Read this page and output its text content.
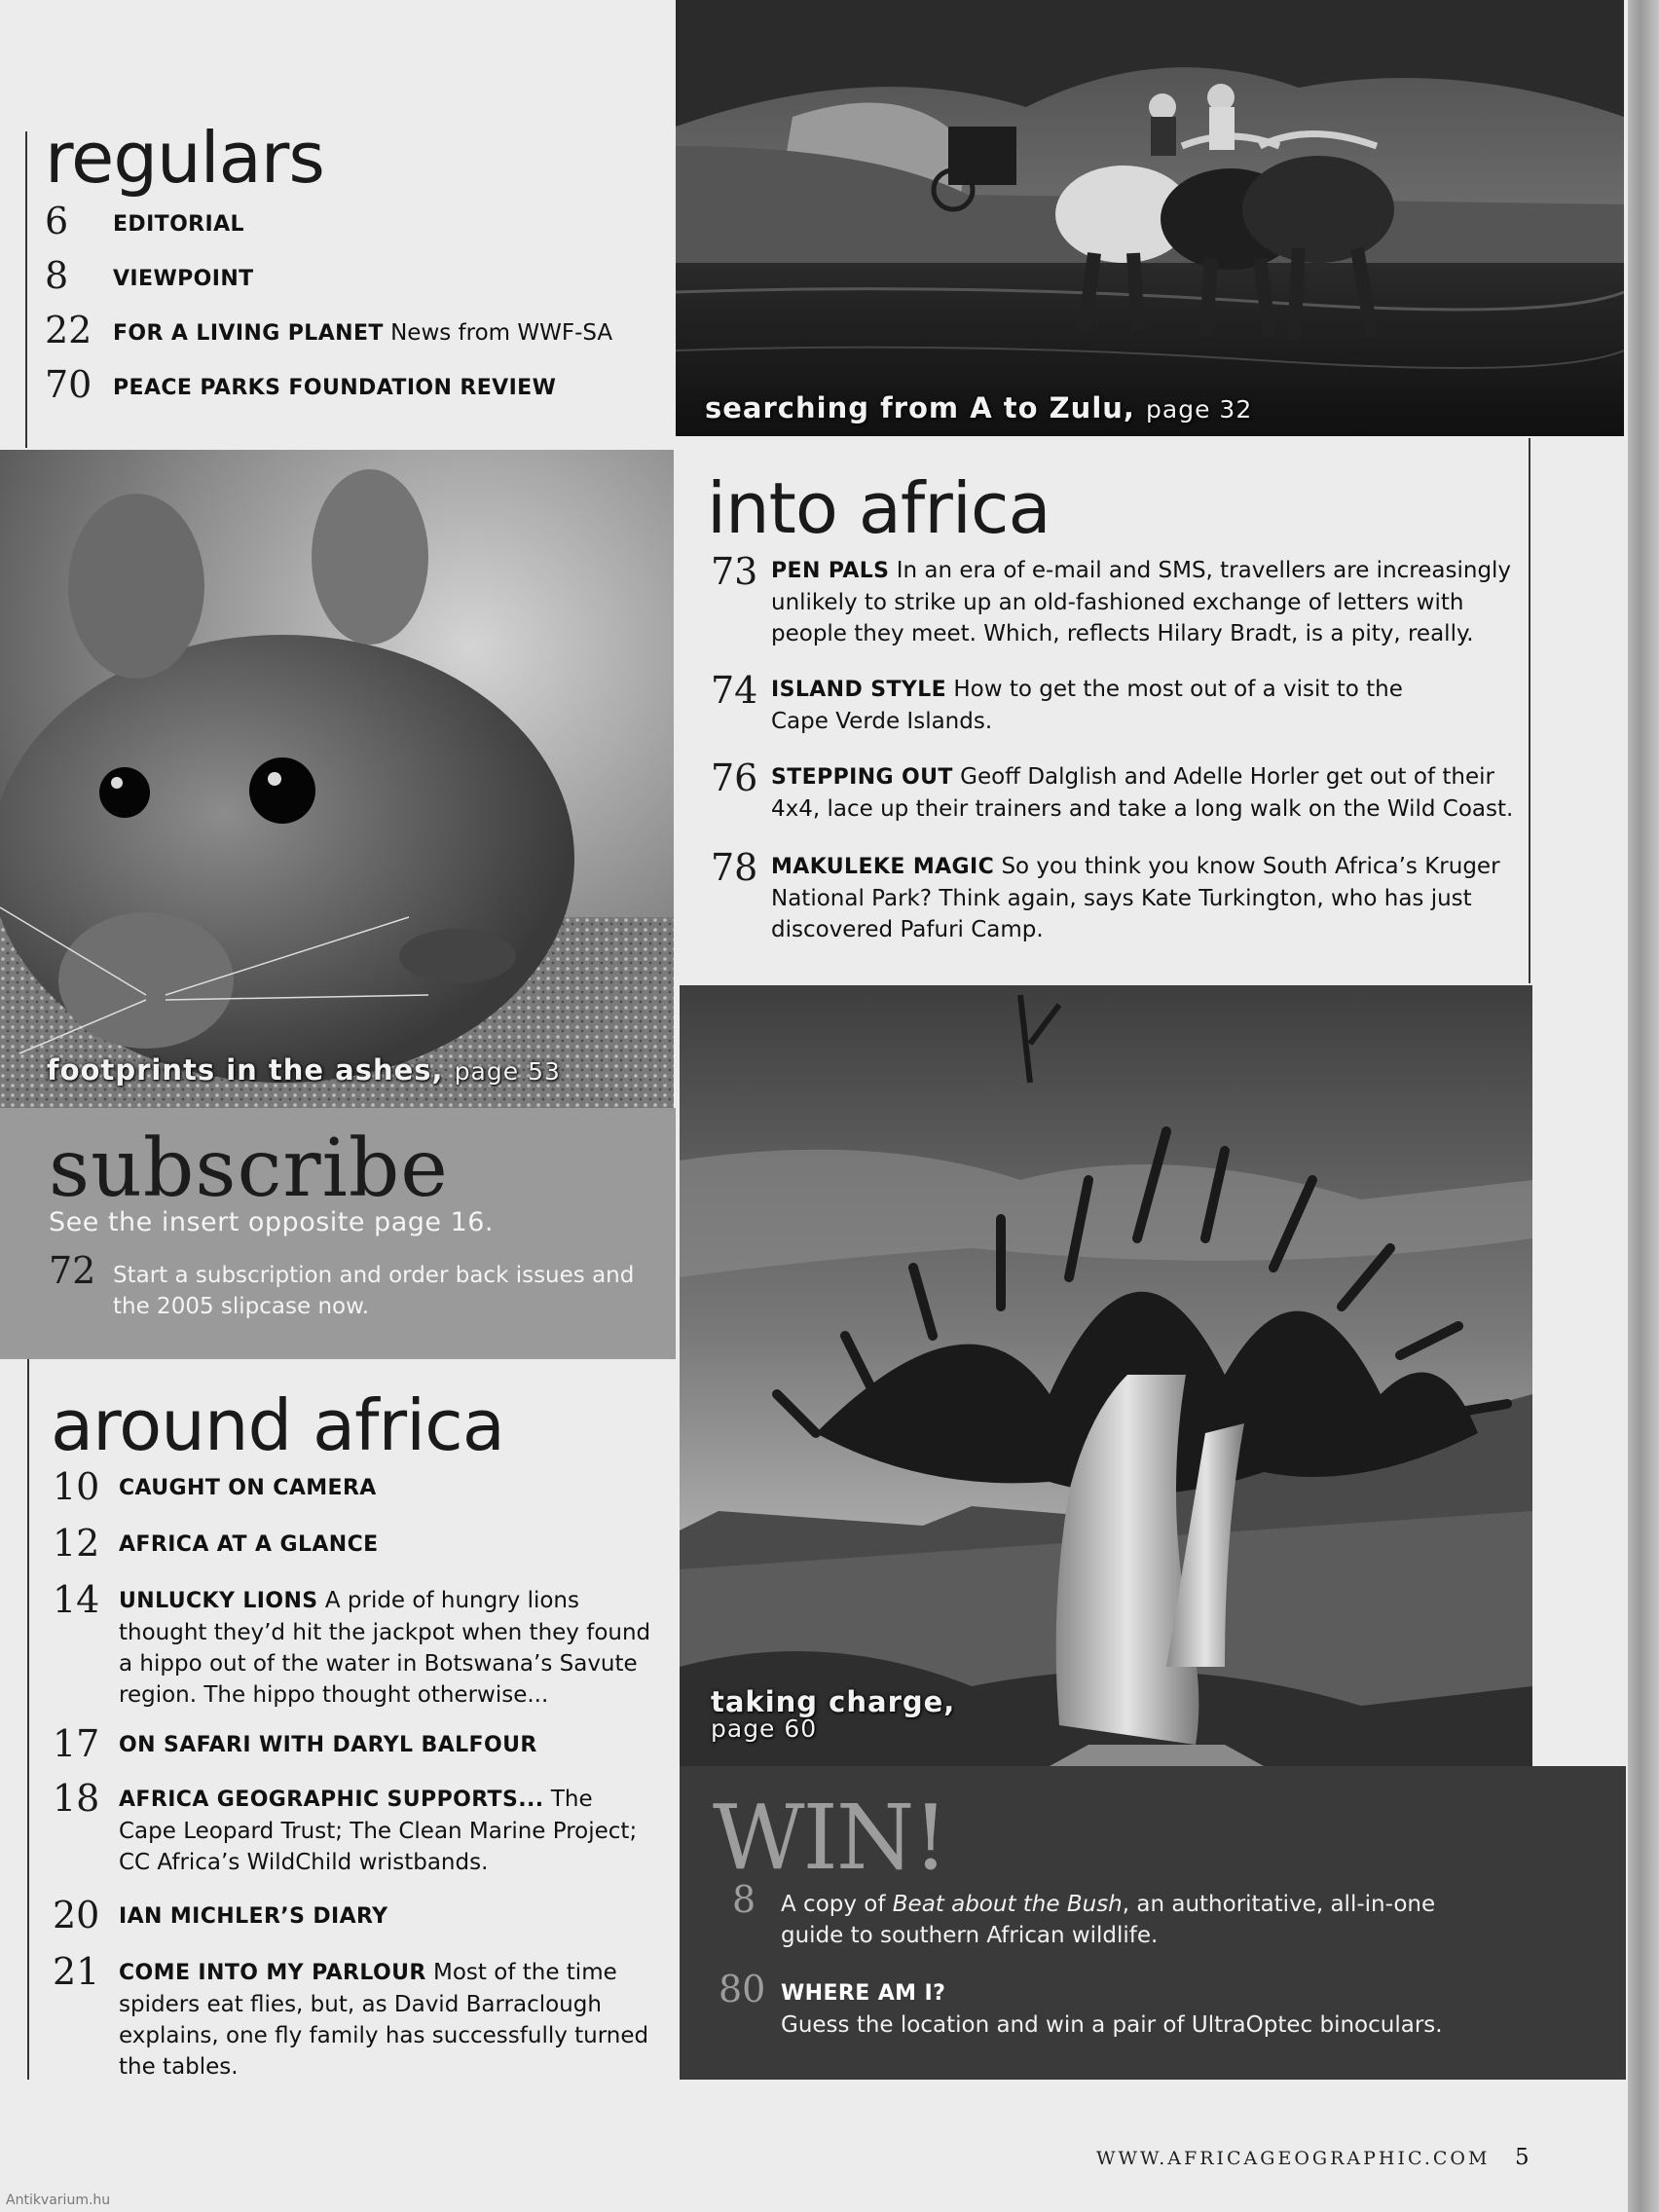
regulars
6 EDITORIAL
8 VIEWPOINT
22 FOR A LIVING PLANET News from WWF-SA
70 PEACE PARKS FOUNDATION REVIEW
searching from A to Zulu, page 32
footprints in the ashes, page 53
into africa
73 PEN PALS In an era of e-mail and SMS, travellers are increasingly unlikely to strike up an old-fashioned exchange of letters with people they meet. Which, reflects Hilary Bradt, is a pity, really.
74 ISLAND STYLE How to get the most out of a visit to the Cape Verde Islands.
76 STEPPING OUT Geoff Dalglish and Adelle Horler get out of their 4x4, lace up their trainers and take a long walk on the Wild Coast.
78 MAKULEKE MAGIC So you think you know South Africa’s Kruger National Park? Think again, says Kate Turkington, who has just discovered Pafuri Camp.
taking charge,
page 60
subscribe
See the insert opposite page 16.
72 Start a subscription and order back issues and the 2005 slipcase now.
around africa
10 CAUGHT ON CAMERA
12 AFRICA AT A GLANCE
14 UNLUCKY LIONS A pride of hungry lions thought they’d hit the jackpot when they found a hippo out of the water in Botswana’s Savute region. The hippo thought otherwise...
17 ON SAFARI WITH DARYL BALFOUR
18 AFRICA GEOGRAPHIC SUPPORTS... The Cape Leopard Trust; The Clean Marine Project; CC Africa’s WildChild wristbands.
20 IAN MICHLER’S DIARY
21 COME INTO MY PARLOUR Most of the time spiders eat flies, but, as David Barraclough explains, one fly family has successfully turned the tables.
WIN!
8 A copy of Beat about the Bush, an authoritative, all-in-one guide to southern African wildlife.
80 WHERE AM I?
Guess the location and win a pair of UltraOptec binoculars.
WWW.AFRICAGEOGRAPHIC.COM 5
Antikvarium.hu
